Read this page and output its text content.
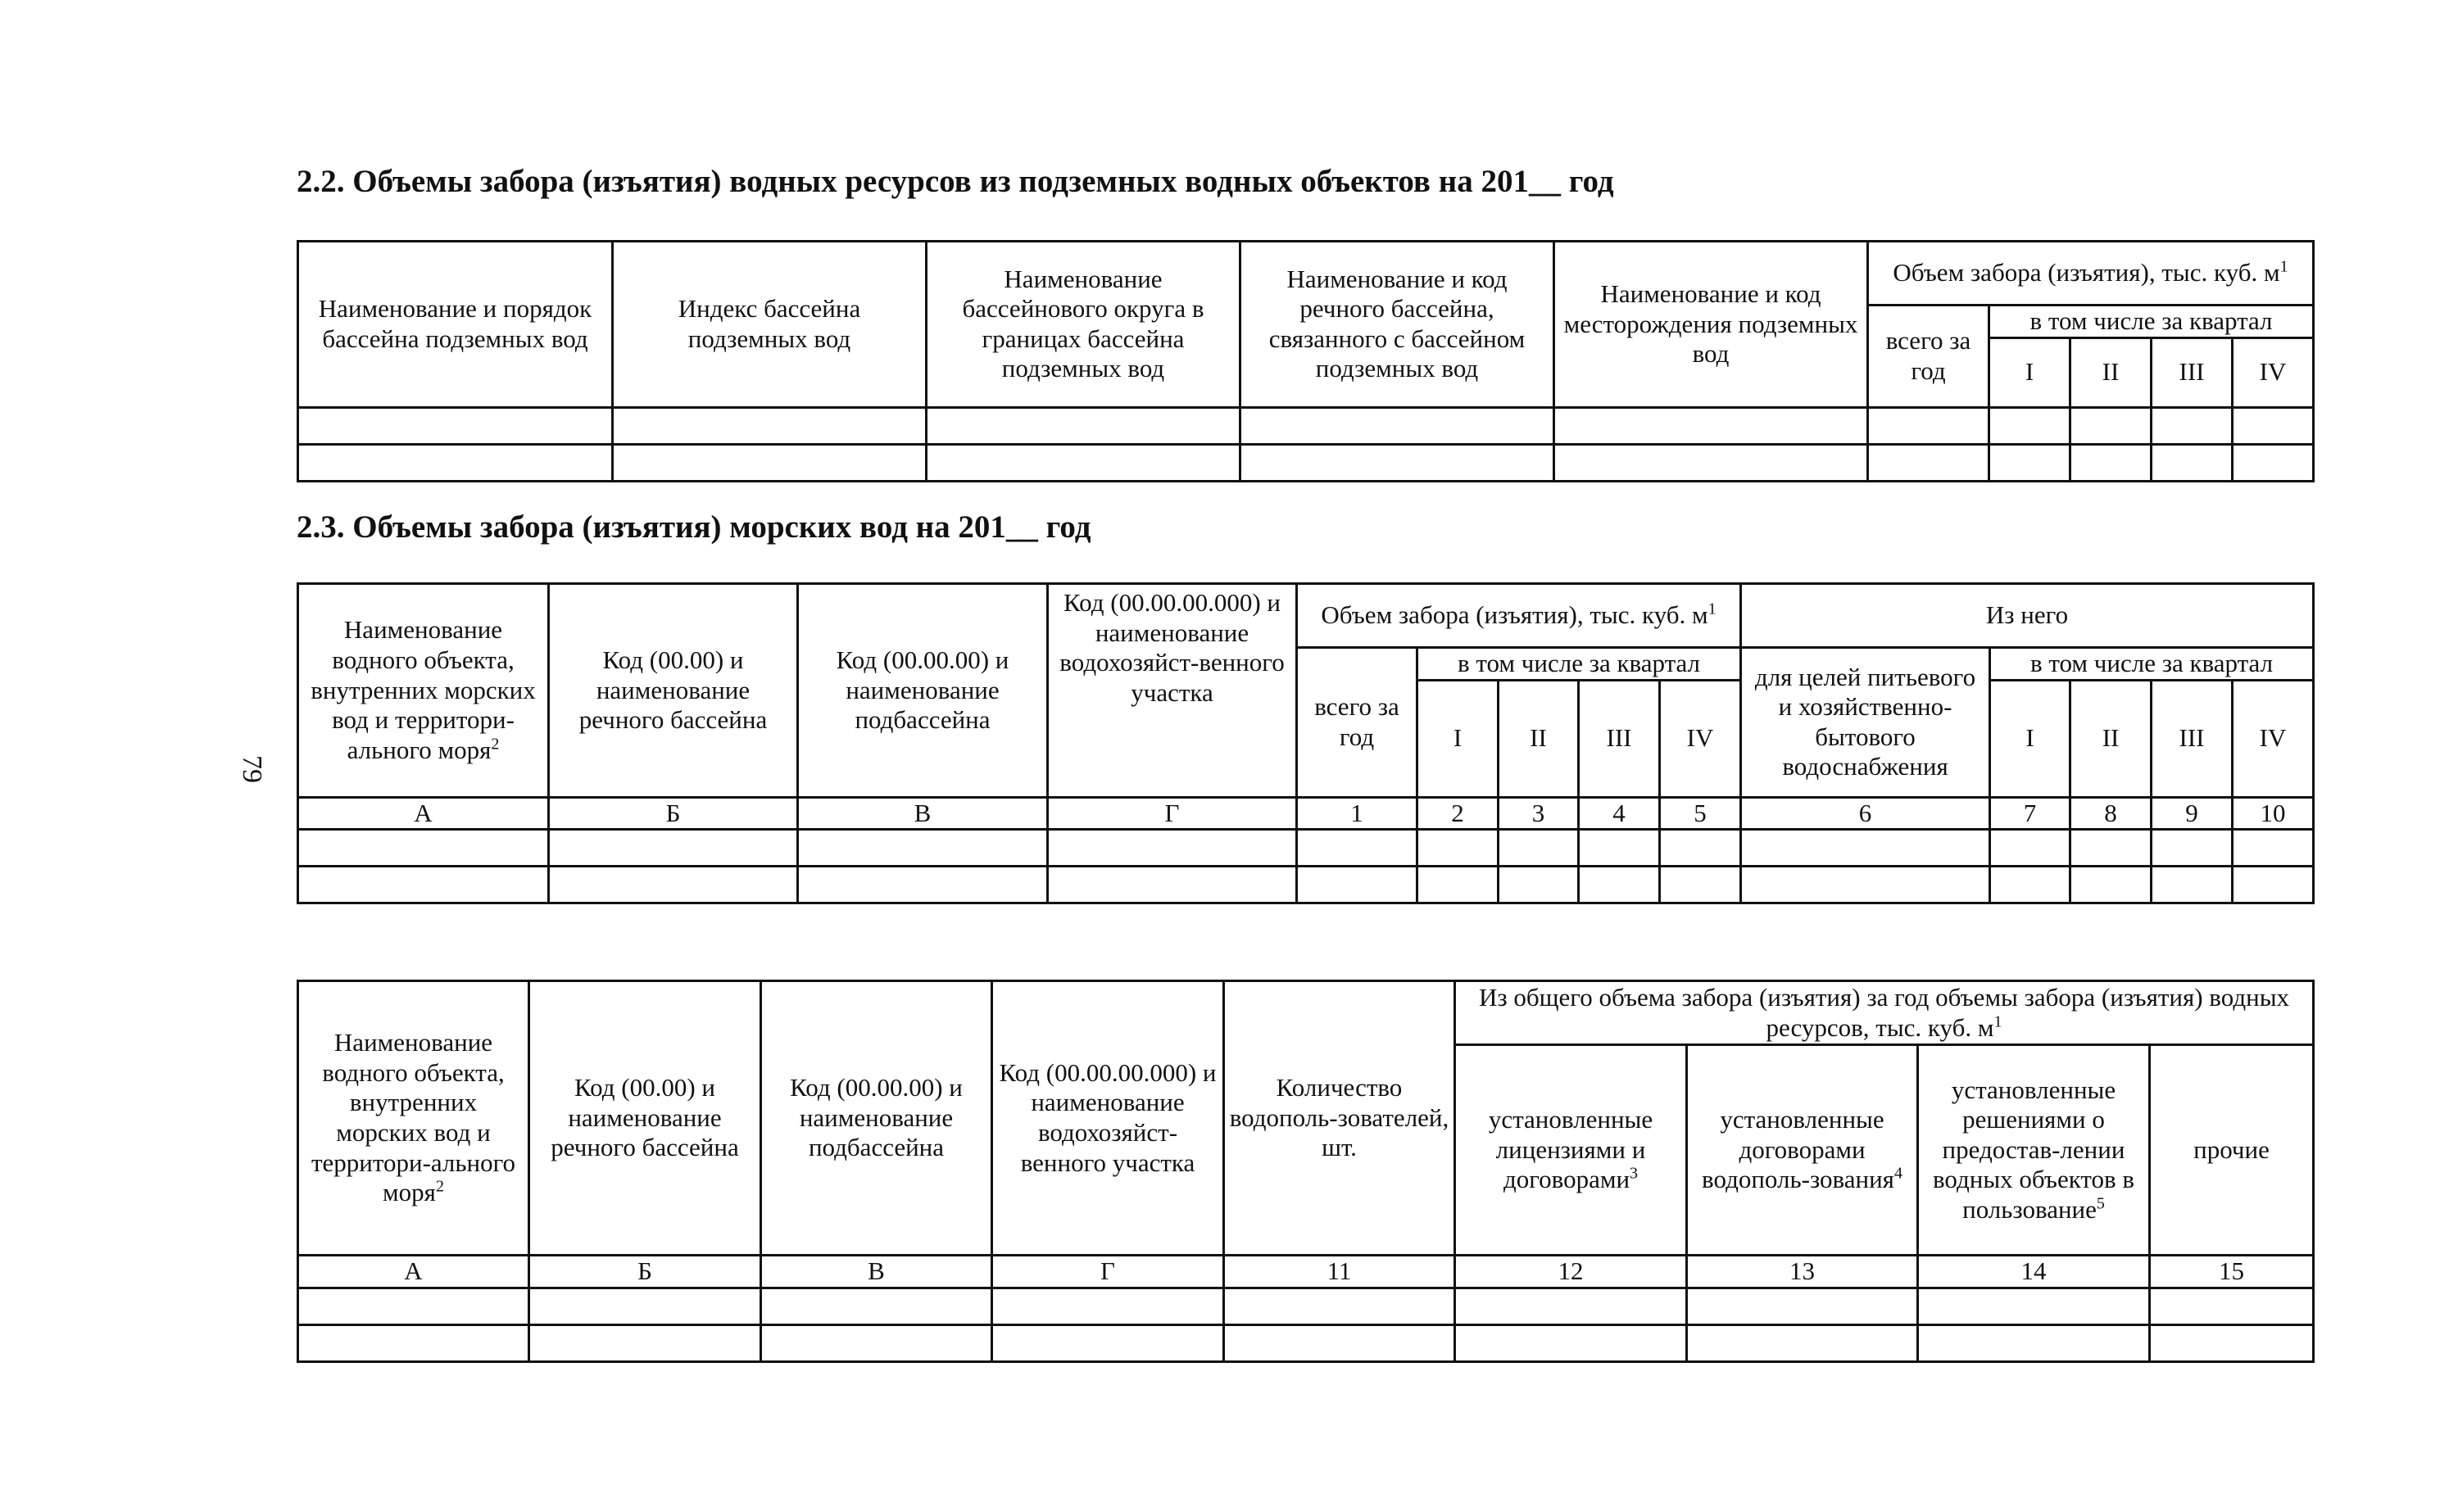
2.2. Объемы забора (изъятия) водных ресурсов из подземных водных объектов на 201__ год
Наименование и порядок бассейна подземных вод	Индекс бассейна подземных вод	Наименование бассейнового округа в границах бассейна подземных вод	Наименование и код речного бассейна, связанного с бассейном подземных вод	Наименование и код месторождения подземных вод	Объем забора (изъятия), тыс. куб. $м^1$
					всего за год	в том числе за квартал			
						I	II	III	IV

79
2.3. Объемы забора (изъятия) морских вод на 201__ год
Наименование водного объекта, внутренних морских вод и территори-ального моря$^2$	Код (00.00) и наименование речного бассейна	Код (00.00.00) и наименование подбассейна	Код (00.00.00.000) и наименование водохозяйст-венного участка	Объем забора (изъятия), тыс. куб. $м^1$					Из него				
				всего за год	в том числе за квартал				для целей питьевого и хозяйственно-бытового водоснабжения	в том числе за квартал			
					I	II	III	IV		I	II	III	IV
А	Б	В	Г	1	2	3	4	5	6	7	8	9	10

Наименование водного объекта, внутренних морских вод и территори-ального моря$^2$	Код (00.00) и наименование речного бассейна	Код (00.00.00) и наименование подбассейна	Код (00.00.00.000) и наименование водохозяйст-венного участка	Количество водополь-зователей, шт.	Из общего объема забора (изъятия) за год объемы забора (изъятия) водных ресурсов, тыс. куб. $м^1$
					установленные лицензиями и договорами$^3$	установленные договорами водополь-зования$^4$	установленные решениями о предостав-лении водных объектов в пользование$^5$	прочие
А	Б	В	Г	11	12	13	14	15
